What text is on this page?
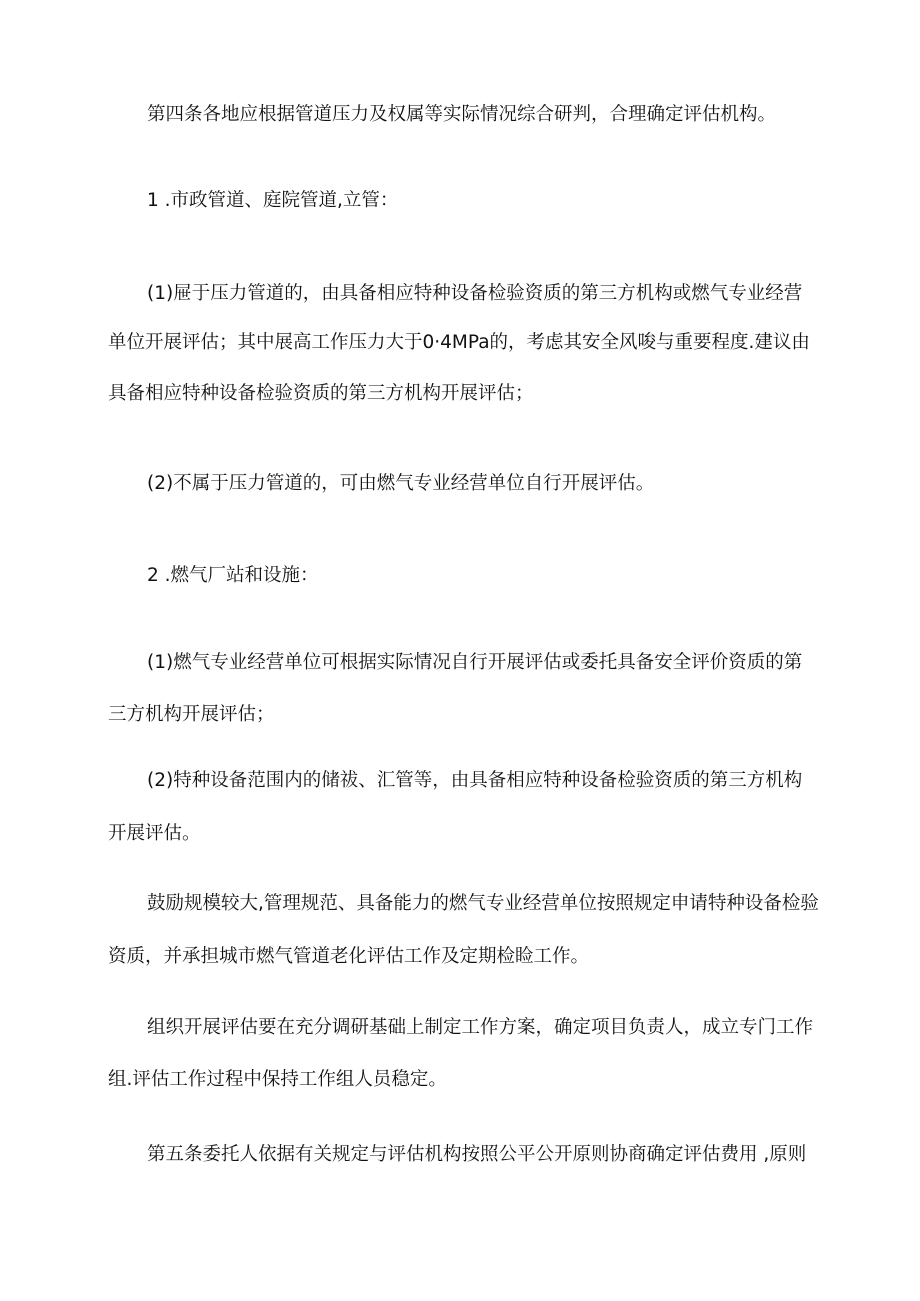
第四条各地应根据管道压力及权属等实际情况综合研判，合理确定评估机构。
1 .市政管道、庭院管道,立管：
(1)屉于压力管道的，由具备相应特种设备检验资质的第三方机构或燃气专业经营
单位开展评估；其中展高工作压力大于0·4MPa的，考虑其安全风唆与重要程度.建议由
具备相应特种设备检验资质的第三方机构开展评估；
(2)不属于压力管道的，可由燃气专业经营单位自行开展评估。
2 .燃气厂站和设施：
(1)燃气专业经营单位可根据实际情况自行开展评估或委托具备安全评价资质的第
三方机构开展评估；
(2)特种设备范围内的储祓、汇管等，由具备相应特种设备检验资质的第三方机构
开展评估。
鼓励规模较大,管理规范、具备能力的燃气专业经营单位按照规定申请特种设备检验
资质，并承担城市燃气管道老化评估工作及定期检睑工作。
组织开展评估要在充分调研基础上制定工作方案，确定项目负责人，成立专门工作
组.评估工作过程中保持工作组人员稳定。
第五条委托人依据有关规定与评估机构按照公平公开原则协商确定评估费用 ,原则
